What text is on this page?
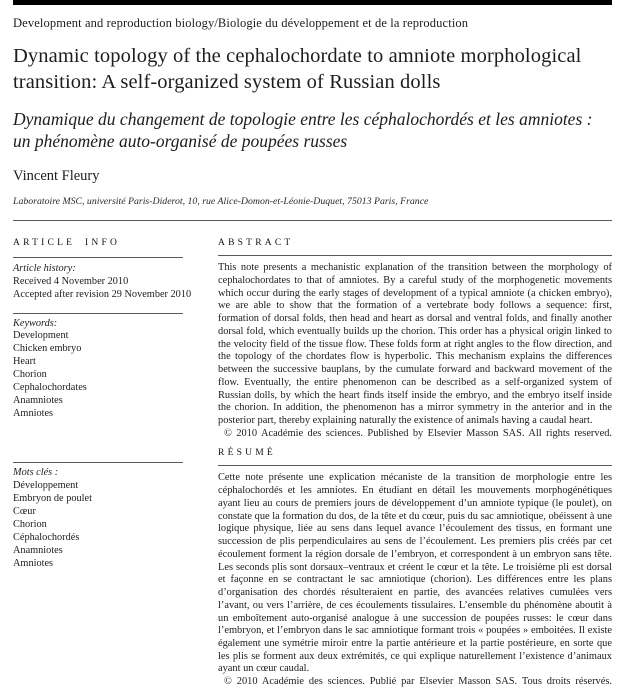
Development and reproduction biology/Biologie du développement et de la reproduction
Dynamic topology of the cephalochordate to amniote morphological transition: A self-organized system of Russian dolls
Dynamique du changement de topologie entre les céphalochordés et les amniotes : un phénomène auto-organisé de poupées russes
Vincent Fleury
Laboratoire MSC, université Paris-Diderot, 10, rue Alice-Domon-et-Léonie-Duquet, 75013 Paris, France
ARTICLE INFO
Article history:
Received 4 November 2010
Accepted after revision 29 November 2010
Keywords:
Development
Chicken embryo
Heart
Chorion
Cephalochordates
Anamniotes
Amniotes
ABSTRACT
This note presents a mechanistic explanation of the transition between the morphology of cephalochordates to that of amniotes. By a careful study of the morphogenetic movements which occur during the early stages of development of a typical amniote (a chicken embryo), we are able to show that the formation of a vertebrate body follows a sequence: first, formation of dorsal folds, then head and heart as dorsal and ventral folds, and finally another dorsal fold, which eventually builds up the chorion. This order has a physical origin linked to the velocity field of the tissue flow. These folds form at right angles to the flow direction, and the topology of the chordates flow is hyperbolic. This mechanism explains the differences between the successive bauplans, by the cumulate forward and backward movement of the flow. Eventually, the entire phenomenon can be described as a self-organized system of Russian dolls, by which the heart finds itself inside the embryo, and the embryo itself inside the chorion. In addition, the phenomenon has a mirror symmetry in the anterior and in the posterior part, thereby explaining naturally the existence of animals having a caudal heart.
© 2010 Académie des sciences. Published by Elsevier Masson SAS. All rights reserved.
Mots clés :
Développement
Embryon de poulet
Cœur
Chorion
Céphalochordés
Anamniotes
Amniotes
RÉSUMÉ
Cette note présente une explication mécaniste de la transition de morphologie entre les céphalochordés et les amniotes. En étudiant en détail les mouvements morphogénétiques ayant lieu au cours de premiers jours de développement d’un amniote typique (le poulet), on constate que la formation du dos, de la tête et du cœur, puis du sac amniotique, obéissent à une logique physique, liée au sens dans lequel avance l’écoulement des tissus, en formant une succession de plis perpendiculaires au sens de l’écoulement. Les premiers plis créés par cet écoulement forment la région dorsale de l’embryon, et correspondent à un embryon sans tête. Les seconds plis sont dorsaux–ventraux et créent le cœur et la tête. Le troisième pli est dorsal et façonne en se contractant le sac amniotique (chorion). Les différences entre les plans d’organisation des chordés résulteraient en partie, des avancées relatives cumulées vers l’avant, ou vers l’arrière, de ces écoulements tissulaires. L’ensemble du phénomène aboutit à un emboîtement auto-organisé analogue à une succession de poupées russes: le cœur dans l’embryon, et l’embryon dans le sac amniotique formant trois « poupées » emboitées. Il existe également une symétrie miroir entre la partie antérieure et la partie postérieure, en sorte que les plis se forment aux deux extrémités, ce qui explique naturellement l’existence d’animaux ayant un cœur caudal.
© 2010 Académie des sciences. Publié par Elsevier Masson SAS. Tous droits réservés.
